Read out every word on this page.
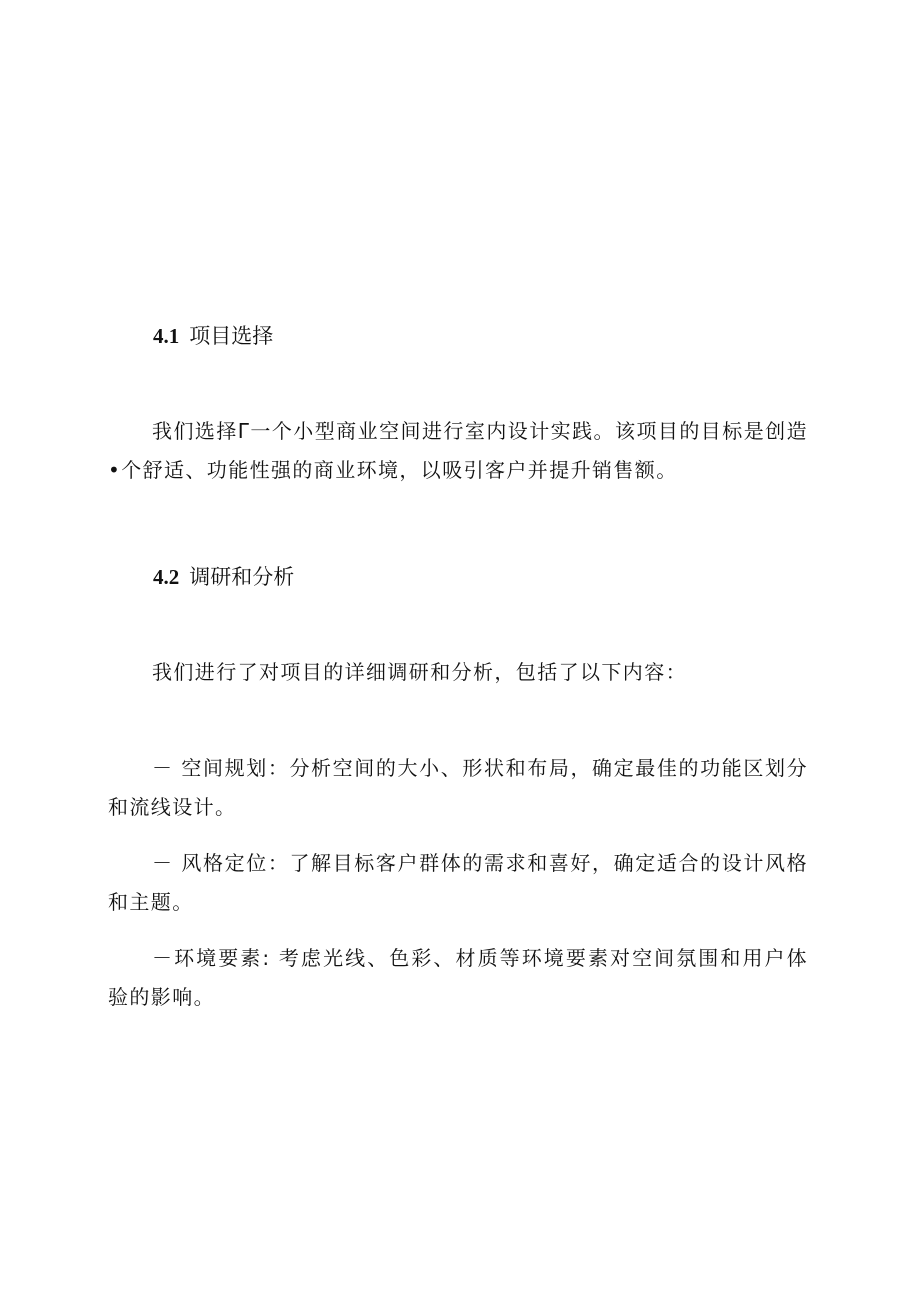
4.1 项目选择

我们选择Γ一个小型商业空间进行室内设计实践。该项目的目标是创造•个舒适、功能性强的商业环境，以吸引客户并提升销售额。

4.2 调研和分析

我们进行了对项目的详细调研和分析，包括了以下内容：

－ 空间规划：分析空间的大小、形状和布局，确定最佳的功能区划分和流线设计。

－ 风格定位：了解目标客户群体的需求和喜好，确定适合的设计风格和主题。

－环境要素: 考虑光线、色彩、材质等环境要素对空间氛围和用户体验的影响。
